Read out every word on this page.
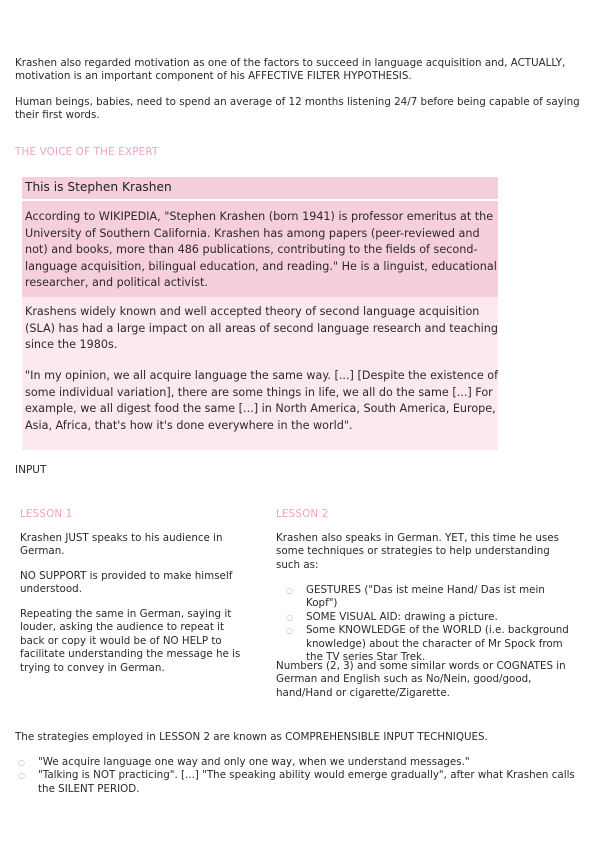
Krashen also regarded motivation as one of the factors to succeed in language acquisition and, ACTUALLY, motivation is an important component of his AFFECTIVE FILTER HYPOTHESIS.

Human beings, babies, need to spend an average of 12 months listening 24/7 before being capable of saying their first words.

THE VOICE OF THE EXPERT

This is Stephen Krashen

According to WIKIPEDIA, "Stephen Krashen (born 1941) is professor emeritus at the University of Southern California. Krashen has among papers (peer-reviewed and not) and books, more than 486 publications, contributing to the fields of second-language acquisition, bilingual education, and reading." He is a linguist, educational researcher, and political activist.

Krashens widely known and well accepted theory of second language acquisition (SLA) has had a large impact on all areas of second language research and teaching since the 1980s.

"In my opinion, we all acquire language the same way. [...] [Despite the existence of some individual variation], there are some things in life, we all do the same [...] For example, we all digest food the same [...] in North America, South America, Europe, Asia, Africa, that's how it's done everywhere in the world".

INPUT

LESSON 1

Krashen JUST speaks to his audience in German.

NO SUPPORT is provided to make himself understood.

Repeating the same in German, saying it louder, asking the audience to repeat it back or copy it would be of NO HELP to facilitate understanding the message he is trying to convey in German.

LESSON 2

Krashen also speaks in German. YET, this time he uses some techniques or strategies to help understanding such as:

○ GESTURES ("Das ist meine Hand/ Das ist mein Kopf")
○ SOME VISUAL AID: drawing a picture.
○ Some KNOWLEDGE of the WORLD (i.e. background knowledge) about the character of Mr Spock from the TV series Star Trek.

Numbers (2, 3) and some similar words or COGNATES in German and English such as No/Nein, good/good, hand/Hand or cigarette/Zigarette.

The strategies employed in LESSON 2 are known as COMPREHENSIBLE INPUT TECHNIQUES.

○ "We acquire language one way and only one way, when we understand messages."
○ "Talking is NOT practicing". [...] "The speaking ability would emerge gradually", after what Krashen calls the SILENT PERIOD.
